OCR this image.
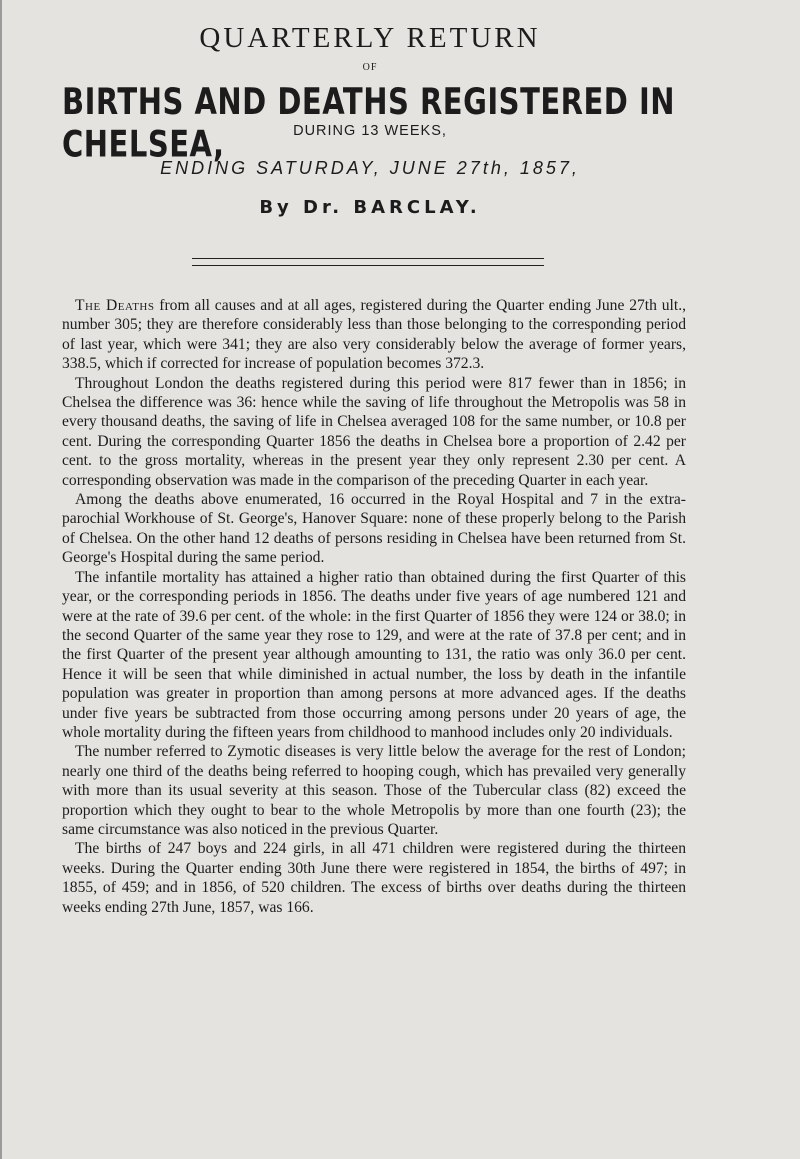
QUARTERLY RETURN
OF
BIRTHS AND DEATHS REGISTERED IN CHELSEA,	DURING 13 WEEKS,
ENDING SATURDAY, JUNE 27th, 1857,
By Dr. BARCLAY.

The Deaths from all causes and at all ages, registered during the Quarter ending June 27th ult., number 305; they are therefore considerably less than those belonging to the corresponding period of last year, which were 341; they are also very considerably below the average of former years, 338.5, which if corrected for increase of population becomes 372.3.

Throughout London the deaths registered during this period were 817 fewer than in 1856; in Chelsea the difference was 36: hence while the saving of life throughout the Metropolis was 58 in every thousand deaths, the saving of life in Chelsea averaged 108 for the same number, or 10.8 per cent. During the corresponding Quarter 1856 the deaths in Chelsea bore a proportion of 2.42 per cent. to the gross mortality, whereas in the present year they only represent 2.30 per cent. A corresponding observation was made in the comparison of the preceding Quarter in each year.

Among the deaths above enumerated, 16 occurred in the Royal Hospital and 7 in the extra-parochial Workhouse of St. George's, Hanover Square: none of these properly belong to the Parish of Chelsea. On the other hand 12 deaths of persons residing in Chelsea have been returned from St. George's Hospital during the same period.

The infantile mortality has attained a higher ratio than obtained during the first Quarter of this year, or the corresponding periods in 1856. The deaths under five years of age numbered 121 and were at the rate of 39.6 per cent. of the whole: in the first Quarter of 1856 they were 124 or 38.0; in the second Quarter of the same year they rose to 129, and were at the rate of 37.8 per cent; and in the first Quarter of the present year although amounting to 131, the ratio was only 36.0 per cent. Hence it will be seen that while diminished in actual number, the loss by death in the infantile population was greater in proportion than among persons at more advanced ages. If the deaths under five years be subtracted from those occurring among persons under 20 years of age, the whole mortality during the fifteen years from childhood to manhood includes only 20 individuals.

The number referred to Zymotic diseases is very little below the average for the rest of London; nearly one third of the deaths being referred to hooping cough, which has prevailed very generally with more than its usual severity at this season. Those of the Tubercular class (82) exceed the proportion which they ought to bear to the whole Metropolis by more than one fourth (23); the same circumstance was also noticed in the previous Quarter.

The births of 247 boys and 224 girls, in all 471 children were registered during the thirteen weeks. During the Quarter ending 30th June there were registered in 1854, the births of 497; in 1855, of 459; and in 1856, of 520 children. The excess of births over deaths during the thirteen weeks ending 27th June, 1857, was 166.
